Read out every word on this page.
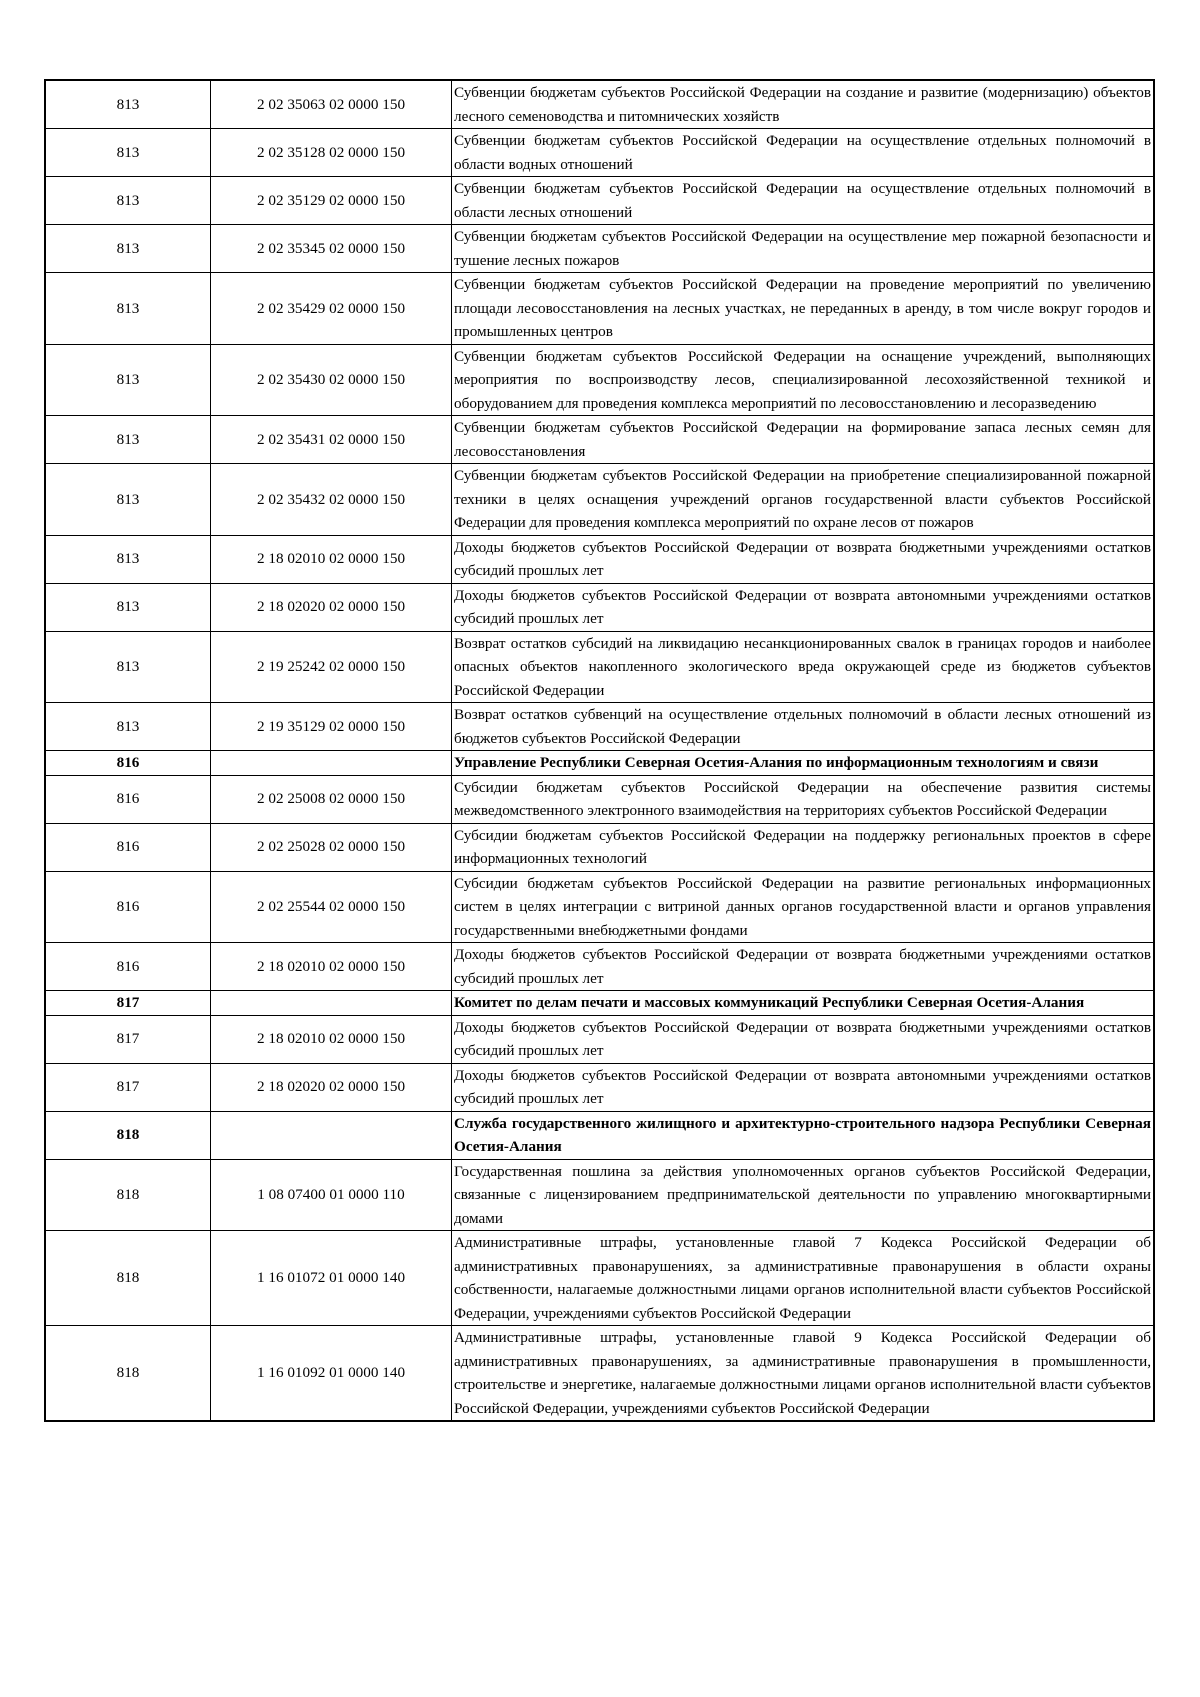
813	2 02 35063 02 0000 150	Субвенции бюджетам субъектов Российской Федерации на создание и развитие (модернизацию) объектов лесного семеноводства и питомнических хозяйств
813	2 02 35128 02 0000 150	Субвенции бюджетам субъектов Российской Федерации на осуществление отдельных полномочий в области водных отношений
813	2 02 35129 02 0000 150	Субвенции бюджетам субъектов Российской Федерации на осуществление отдельных полномочий в области лесных отношений
813	2 02 35345 02 0000 150	Субвенции бюджетам субъектов Российской Федерации на осуществление мер пожарной безопасности и тушение лесных пожаров
813	2 02 35429 02 0000 150	Субвенции бюджетам субъектов Российской Федерации на проведение мероприятий по увеличению площади лесовосстановления на лесных участках, не переданных в аренду, в том числе вокруг городов и промышленных центров
813	2 02 35430 02 0000 150	Субвенции бюджетам субъектов Российской Федерации на оснащение учреждений, выполняющих мероприятия по воспроизводству лесов, специализированной лесохозяйственной техникой и оборудованием для проведения комплекса мероприятий по лесовосстановлению и лесоразведению
813	2 02 35431 02 0000 150	Субвенции бюджетам субъектов Российской Федерации на формирование запаса лесных семян для лесовосстановления
813	2 02 35432 02 0000 150	Субвенции бюджетам субъектов Российской Федерации на приобретение специализированной пожарной техники в целях оснащения учреждений органов государственной власти субъектов Российской Федерации для проведения комплекса мероприятий по охране лесов от пожаров
813	2 18 02010 02 0000 150	Доходы бюджетов субъектов Российской Федерации от возврата бюджетными учреждениями остатков субсидий прошлых лет
813	2 18 02020 02 0000 150	Доходы бюджетов субъектов Российской Федерации от возврата автономными учреждениями остатков субсидий прошлых лет
813	2 19 25242 02 0000 150	Возврат остатков субсидий на ликвидацию несанкционированных свалок в границах городов и наиболее опасных объектов накопленного экологического вреда окружающей среде из бюджетов субъектов Российской Федерации
813	2 19 35129 02 0000 150	Возврат остатков субвенций на осуществление отдельных полномочий в области лесных отношений из бюджетов субъектов Российской Федерации
816		Управление Республики Северная Осетия-Алания по информационным технологиям и связи
816	2 02 25008 02 0000 150	Субсидии бюджетам субъектов Российской Федерации на обеспечение развития системы межведомственного электронного взаимодействия на территориях субъектов Российской Федерации
816	2 02 25028 02 0000 150	Субсидии бюджетам субъектов Российской Федерации на поддержку региональных проектов в сфере информационных технологий
816	2 02 25544 02 0000 150	Субсидии бюджетам субъектов Российской Федерации на развитие региональных информационных систем в целях интеграции с витриной данных органов государственной власти и органов управления государственными внебюджетными фондами
816	2 18 02010 02 0000 150	Доходы бюджетов субъектов Российской Федерации от возврата бюджетными учреждениями остатков субсидий прошлых лет
817		Комитет по делам печати и массовых коммуникаций Республики Северная Осетия-Алания
817	2 18 02010 02 0000 150	Доходы бюджетов субъектов Российской Федерации от возврата бюджетными учреждениями остатков субсидий прошлых лет
817	2 18 02020 02 0000 150	Доходы бюджетов субъектов Российской Федерации от возврата автономными учреждениями остатков субсидий прошлых лет
818		Служба государственного жилищного и архитектурно-строительного надзора Республики Северная Осетия-Алания
818	1 08 07400 01 0000 110	Государственная пошлина за действия уполномоченных органов субъектов Российской Федерации, связанные с лицензированием предпринимательской деятельности по управлению многоквартирными домами
818	1 16 01072 01 0000 140	Административные штрафы, установленные главой 7 Кодекса Российской Федерации об административных правонарушениях, за административные правонарушения в области охраны собственности, налагаемые должностными лицами органов исполнительной власти субъектов Российской Федерации, учреждениями субъектов Российской Федерации
818	1 16 01092 01 0000 140	Административные штрафы, установленные главой 9 Кодекса Российской Федерации об административных правонарушениях, за административные правонарушения в промышленности, строительстве и энергетике, налагаемые должностными лицами органов исполнительной власти субъектов Российской Федерации, учреждениями субъектов Российской Федерации
